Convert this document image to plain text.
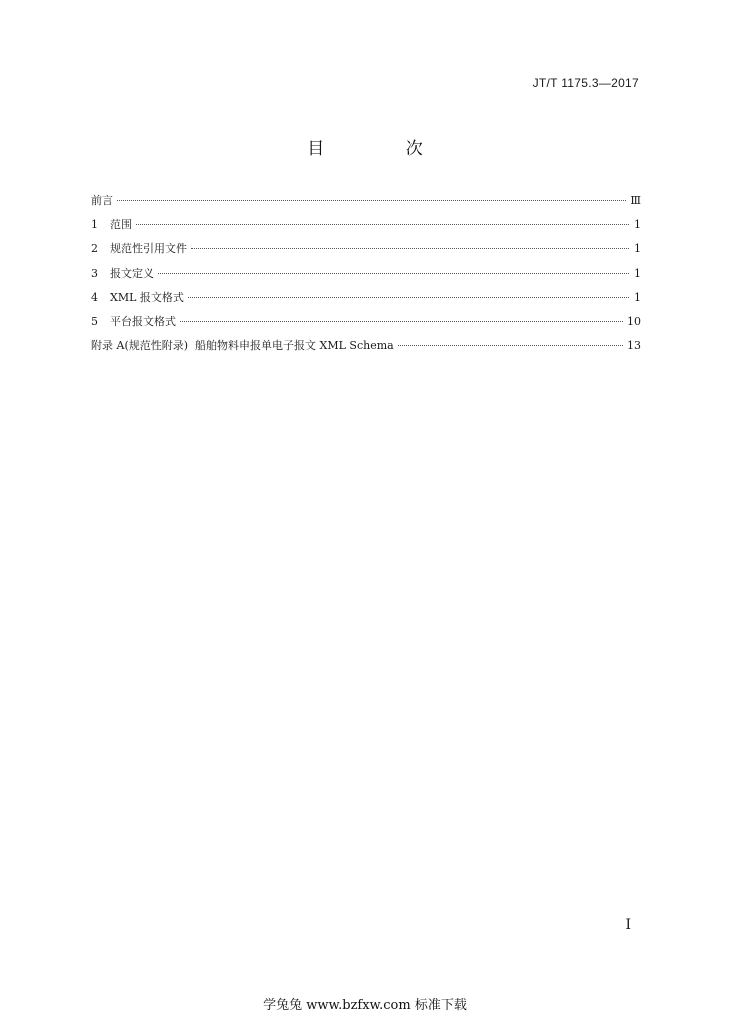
JT/T 1175.3—2017
目 次
前言	Ⅲ
1	范围	1
2	规范性引用文件	1
3	报文定义	1
4	XML 报文格式	1
5	平台报文格式	10
附录 A(规范性附录)  船舶物料申报单电子报文 XML Schema	13
Ⅰ
学兔兔 www.bzfxw.com 标准下载
